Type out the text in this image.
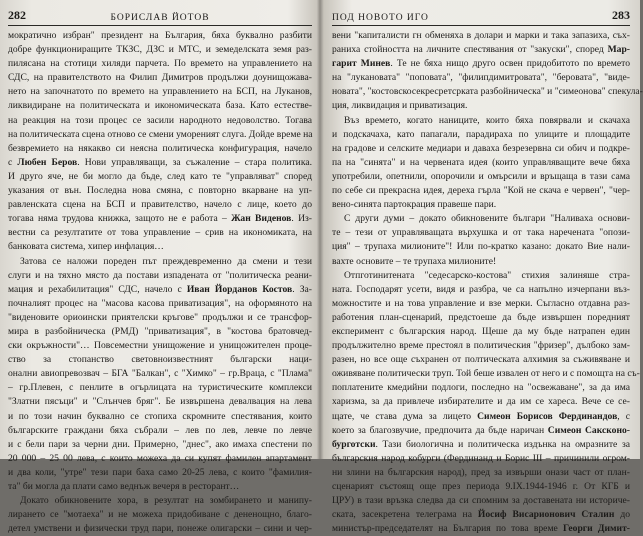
282	БОРИСЛАВ ЙОТОВ
мократично избран" президент на България, бяха буквално разбити
добре функциониращите ТКЗС, ДЗС и МТС, и земеделската земя раз-
пилясана на стотици хиляди парчета. По времето на управлението на
СДС, на правителството на Филип Димитров продължи доунищожава-
нето на започнатото по времето на управлението на БСП, на Луканов,
ликвидиране на политическата и икономическата база. Като естестве-
на реакция на този процес се засили народното недоволство. Тогава
на политическата сцена отново се смени умореният слуга. Дойде време на
безвремието на някакво си неясна политическа конфигурация, начело
с Любен Беров. Нови управляващи, за съжаление – стара политика.
И друго яче, не би могло да бъде, след като те "управляват" според
указания от вън. Последна нова смяна, с повторно вкарване на уп-
равленската сцена на БСП и правителство, начело с лице, което до
тогава няма трудова книжка, защото не е работа – Жан Виденов. Из-
вестни са резултатите от това управление – срив на икономиката, на
банковата система, хипер инфлация…
Затова се наложи пореден път преждевременно да смени и тези
слуги и на тяхно място да постави изпадената от "политическа реани-
мация и рехабилитация" СДС, начело с Иван Йорданов Костов. За-
почналият процес на "масова касова приватизация", на оформяното на
"виденовите ориоински приятелски кръгове" продължи и се трансфор-
мира в разбойническа (РМД) "приватизация", в "костова братовчед-
ски окръжности"… Повсеместни унищожение и унищожителен проце-
ство за стопанство световноизвестният български наци-
онални авиопревозвач – БГА "Балкан", с "Химко" – гр.Враца, с "Плама"
– гр.Плевен, с пенлите в огърлицата на туристическите комплекси
"Златни пясъци" и "Слънчев бряг". Бе извършена девалвация на лева
и по този начин буквално се стопиха скромните спестявания, които
българските граждани бяха събрали – лев по лев, левче по левче
и с бели пари за черни дни. Примерно, "днес", ако имаха спестени по
20 000 – 25 00 лева, с които можеха да си купят фамилен апартамент
и два коли, "утре" тези пари баха само 20-25 лева, с които "фамилия-
та" би могла да плати само веднъж вечеря в ресторант…
Докато обикновените хора, в резултат на зомбирането и манипу-
лирането се "мотаеха" и не можеха придобиване с дененощно, благо-
детел умствени и физически труд пари, понеже олигарски – сини и чер-
ПОД НОВОТО ИГО	283
вени "капиталисти гн обменяха в долари и марки и така запазиха, съх-
раниха стойността на личните спестявания от "закуски", според Мар-
гарит Минев. Те не бяха нищо друго освен придобитото по времето
на "лукановата" "поповата", "филипдимитровата", "беровата", "виде-
новата", "костовскосекресретсрката разбойническа" и "симеонова" спекула-
ция, ликвидация и приватизация.
Въз времето, когато наниците, които бяха повярвали и скачаха
и подскачаха, като папагали, парадираха по улиците и площадите
на градове и селските медиари и даваха безрезервна си обич и подкре-
па на "синята" и на червената идея (които управляващите вече бяха
употребили, опетнили, опорочили и омърсили и връщаща в тази сама
по себе си прекрасна идея, дереха гърла "Кой не скача е червен", "чер-
вено-синята партокрация правеше пари.
С други думи – докато обикновените българи "Наливаха основи-
те – тези от управляващата върхушка и от така наречената "опози-
ция" – трупаха милионите"! Или по-кратко казано: докато Вие нали-
вахте основите – те трупаха милионите!
Отпготинитената "седесарско-костова" стихия залиняше стра-
ната. Господарят усети, видя и разбра, че са напълно изчерпани въз-
можностите и на това управление и взе мерки. Съгласно отдавна раз-
работения план-сценарий, предстоеше да бъде извършен поредният
експеримент с българския народ. Щеше да му бъде натрапен един
продължително време престоял в политическия "фризер", дълбоко зам-
разен, но все още съхранен от полтическата алхимия за съживяване и
оживяване политически труп. Той беше извален от него и с помощта на съ-
поплатените кмедийни подлоги, последно на "освежаване", за да има
харизма, за да привлече избирателите и да им се хареса. Вече се се-
щате, че става дума за лицето Симеон Борисов Фердинандов, с
което за благозвучие, предпочита да бъде наричан Симеон Саксконо-
бурготски. Тази биологична и политическа издънка на омразните за
българския народ кобурги (Фердинанд и Борис III – причинили огром-
ни злини на българския народ), пред за извърши онази част от план-
сценарият състоящ още през периода 9.IX.1944-1946 г. От КГБ и
ЦРУ) в тази връзка следва да си спомним за доставената ни историче-
ската, засекретена телеграма на Йосиф Висарионович Сталин до
министър-председателят на България по това време Георги Димит-
